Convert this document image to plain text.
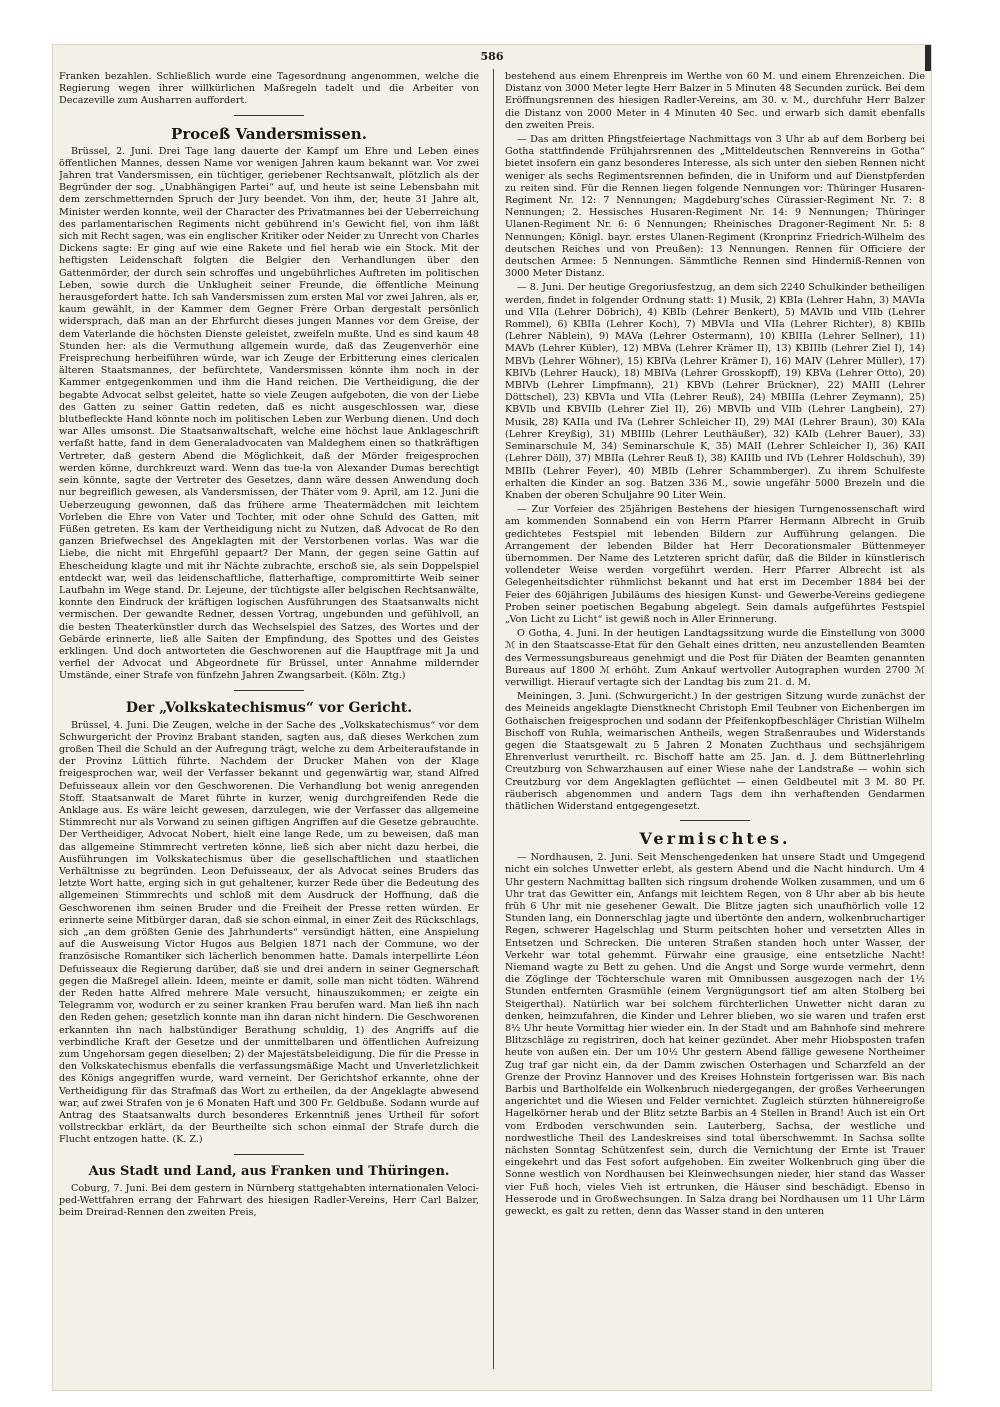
586

Franken bezahlen. Schließlich wurde eine Tagesordnung angenommen, welche die Regierung wegen ihrer willkürlichen Maßregeln tadelt und die Arbeiter von Decazeville zum Ausharren auffordert.

Proceß Vandersmissen.

Brüssel, 2. Juni. Drei Tage lang dauerte der Kampf um Ehre und Leben eines öffentlichen Mannes, dessen Name vor wenigen Jahren kaum bekannt war. Vor zwei Jahren trat Vandersmissen, ein tüchtiger, geriebener Rechtsanwalt, plötzlich als der Begründer der sog. „Unabhängigen Partei“ auf, und heute ist seine Lebensbahn mit dem zerschmetternden Spruch der Jury beendet. Von ihm, der, heute 31 Jahre alt, Minister werden konnte, weil der Character des Privatmannes bei der Ueberreichung des parlamentarischen Regiments nicht gebührend in's Gewicht fiel, von ihm läßt sich mit Recht sagen, was ein englischer Kritiker oder Neider zu Unrecht von Charles Dickens sagte: Er ging auf wie eine Rakete und fiel herab wie ein Stock. Mit der heftigsten Leidenschaft folgten die Belgier den Verhandlungen über den Gattenmörder, der durch sein schroffes und ungebührliches Auftreten im politischen Leben, sowie durch die Unklugheit seiner Freunde, die öffentliche Meinung herausgefordert hatte. Ich sah Vandersmissen zum ersten Mal vor zwei Jahren, als er, kaum gewählt, in der Kammer dem Gegner Frère Orban dergestalt persönlich widersprach, daß man an der Ehrfurcht dieses jungen Mannes vor dem Greise, der dem Vaterlande die höchsten Dienste geleistet, zweifeln mußte. Und es sind kaum 48 Stunden her: als die Vermuthung allgemein wurde, daß das Zeugenverhör eine Freisprechung herbeiführen würde, war ich Zeuge der Erbitterung eines clericalen älteren Staatsmannes, der befürchtete, Vandersmissen könnte ihm noch in der Kammer entgegenkommen und ihm die Hand reichen. Die Vertheidigung, die der begabte Advocat selbst geleitet, hatte so viele Zeugen aufgeboten, die von der Liebe des Gatten zu seiner Gattin redeten, daß es nicht ausgeschlossen war, diese blutbefleckte Hand könnte noch im politischen Leben zur Werbung dienen. Und doch war Alles umsonst. Die Staatsanwaltschaft, welche eine höchst laue Anklageschrift verfaßt hatte, fand in dem Generaladvocaten van Maldeghem einen so thatkräftigen Vertreter, daß gestern Abend die Möglichkeit, daß der Mörder freigesprochen werden könne, durchkreuzt ward. Wenn das tue-la von Alexander Dumas berechtigt sein könnte, sagte der Vertreter des Gesetzes, dann wäre dessen Anwendung doch nur begreiflich gewesen, als Vandersmissen, der Thäter vom 9. April, am 12. Juni die Ueberzeugung gewonnen, daß das frühere arme Theatermädchen mit leichtem Vorleben die Ehre von Vater und Tochter, mit oder ohne Schuld des Gatten, mit Füßen getreten. Es kam der Vertheidigung nicht zu Nutzen, daß Advocat de Ro den ganzen Briefwechsel des Angeklagten mit der Verstorbenen vorlas. Was war die Liebe, die nicht mit Ehrgefühl gepaart? Der Mann, der gegen seine Gattin auf Ehescheidung klagte und mit ihr Nächte zubrachte, erschoß sie, als sein Doppelspiel entdeckt war, weil das leidenschaftliche, flatterhaftige, compromittirte Weib seiner Laufbahn im Wege stand. Dr. Lejeune, der tüchtigste aller belgischen Rechtsanwälte, konnte den Eindruck der kräftigen logischen Ausführungen des Staatsanwalts nicht vermischen. Der gewandte Redner, dessen Vortrag, ungebunden und gefühlvoll, an die besten Theaterkünstler durch das Wechselspiel des Satzes, des Wortes und der Gebärde erinnerte, ließ alle Saiten der Empfindung, des Spottes und des Geistes erklingen. Und doch antworteten die Geschworenen auf die Hauptfrage mit Ja und verfiel der Advocat und Abgeordnete für Brüssel, unter Annahme mildernder Umstände, einer Strafe von fünfzehn Jahren Zwangsarbeit. (Köln. Ztg.)

Der „Volkskatechismus“ vor Gericht.

Brüssel, 4. Juni. Die Zeugen, welche in der Sache des „Volkskatechismus“ vor dem Schwurgericht der Provinz Brabant standen, sagten aus, daß dieses Werkchen zum großen Theil die Schuld an der Aufregung trägt, welche zu dem Arbeiteraufstande in der Provinz Lüttich führte. Nachdem der Drucker Mahen von der Klage freigesprochen war, weil der Verfasser bekannt und gegenwärtig war, stand Alfred Defuisseaux allein vor den Geschworenen. Die Verhandlung bot wenig anregenden Stoff. Staatsanwalt de Maret führte in kurzer, wenig durchgreifenden Rede die Anklage aus. Es wäre leicht gewesen, darzulegen, wie der Verfasser das allgemeine Stimmrecht nur als Vorwand zu seinen giftigen Angriffen auf die Gesetze gebrauchte. Der Vertheidiger, Advocat Nobert, hielt eine lange Rede, um zu beweisen, daß man das allgemeine Stimmrecht vertreten könne, ließ sich aber nicht dazu herbei, die Ausführungen im Volkskatechismus über die gesellschaftlichen und staatlichen Verhältnisse zu begründen. Leon Defuisseaux, der als Advocat seines Bruders das letzte Wort hatte, erging sich in gut gehaltener, kurzer Rede über die Bedeutung des allgemeinen Stimmrechts und schloß mit dem Ausdruck der Hoffnung, daß die Geschworenen ihm seinen Bruder und die Freiheit der Presse retten würden. Er erinnerte seine Mitbürger daran, daß sie schon einmal, in einer Zeit des Rückschlags, sich „an dem größten Genie des Jahrhunderts“ versündigt hätten, eine Anspielung auf die Ausweisung Victor Hugos aus Belgien 1871 nach der Commune, wo der französische Romantiker sich lächerlich benommen hatte. Damals interpellirte Léon Defuisseaux die Regierung darüber, daß sie und drei andern in seiner Gegnerschaft gegen die Maßregel allein. Ideen, meinte er damit, solle man nicht tödten. Während der Reden hatte Alfred mehrere Male versucht, hinauszukommen; er zeigte ein Telegramm vor, wodurch er zu seiner kranken Frau berufen ward. Man ließ ihn nach den Reden gehen; gesetzlich konnte man ihn daran nicht hindern. Die Geschworenen erkannten ihn nach halbstündiger Berathung schuldig, 1) des Angriffs auf die verbindliche Kraft der Gesetze und der unmittelbaren und öffentlichen Aufreizung zum Ungehorsam gegen dieselben; 2) der Majestätsbeleidigung. Die für die Presse in den Volkskatechismus ebenfalls die verfassungsmäßige Macht und Unverletzlichkeit des Königs angegriffen wurde, ward verneint. Der Gerichtshof erkannte, ohne der Vertheidigung für das Strafmaß das Wort zu ertheilen, da der Angeklagte abwesend war, auf zwei Strafen von je 6 Monaten Haft und 300 Fr. Geldbuße. Sodann wurde auf Antrag des Staatsanwalts durch besonderes Erkenntniß jenes Urtheil für sofort vollstreckbar erklärt, da der Beurtheilte sich schon einmal der Strafe durch die Flucht entzogen hatte. (K. Z.)

Aus Stadt und Land, aus Franken und Thüringen.

Coburg, 7. Juni. Bei dem gestern in Nürnberg stattgehabten internationalen Velociped-Wettfahren errang der Fahrwart des hiesigen Radler-Vereins, Herr Carl Balzer, beim Dreirad-Rennen den zweiten Preis,

bestehend aus einem Ehrenpreis im Werthe von 60 M. und einem Ehrenzeichen. Die Distanz von 3000 Meter legte Herr Balzer in 5 Minuten 48 Secunden zurück. Bei dem Eröffnungsrennen des hiesigen Radler-Vereins, am 30. v. M., durchfuhr Herr Balzer die Distanz von 2000 Meter in 4 Minuten 40 Sec. und erwarb sich damit ebenfalls den zweiten Preis.

— Das am dritten Pfingstfeiertage Nachmittags von 3 Uhr ab auf dem Borberg bei Gotha stattfindende Frühjahrsrennen des „Mitteldeutschen Rennvereins in Gotha“ bietet insofern ein ganz besonderes Interesse, als sich unter den sieben Rennen nicht weniger als sechs Regimentsrennen befinden, die in Uniform und auf Dienstpferden zu reiten sind. Für die Rennen liegen folgende Nennungen vor: Thüringer Husaren-Regiment Nr. 12: 7 Nennungen; Magdeburg'sches Cürassier-Regiment Nr. 7: 8 Nennungen; 2. Hessisches Husaren-Regiment Nr. 14: 9 Nennungen; Thüringer Ulanen-Regiment Nr. 6: 6 Nennungen; Rheinisches Dragoner-Regiment Nr. 5: 8 Nennungen; Königl. bayr. erstes Ulanen-Regiment (Kronprinz Friedrich-Wilhelm des deutschen Reiches und von Preußen): 13 Nennungen. Rennen für Officiere der deutschen Armee: 5 Nennungen. Sämmtliche Rennen sind Hinderniß-Rennen von 3000 Meter Distanz.

— 8. Juni. Der heutige Gregoriusfestzug, an dem sich 2240 Schulkinder betheiligen werden, findet in folgender Ordnung statt: 1) Musik, 2) KBIa (Lehrer Hahn, 3) MAVIa und VIIa (Lehrer Döbrich), 4) KBIb (Lehrer Benkert), 5) MAVIb und VIIb (Lehrer Rommel), 6) KBIIa (Lehrer Koch), 7) MBVIa und VIIa (Lehrer Richter), 8) KBIIb (Lehrer Näblein), 9) MAVa (Lehrer Ostermann), 10) KBIIIa (Lehrer Sellner), 11) MAVb (Lehrer Kübler), 12) MBVa (Lehrer Krämer II), 13) KBIIIb (Lehrer Ziel I), 14) MBVb (Lehrer Wöhner), 15) KBIVa (Lehrer Krämer I), 16) MAIV (Lehrer Müller), 17) KBIVb (Lehrer Hauck), 18) MBIVa (Lehrer Grosskopff), 19) KBVa (Lehrer Otto), 20) MBIVb (Lehrer Limpfmann), 21) KBVb (Lehrer Brückner), 22) MAIII (Lehrer Döttschel), 23) KBVIa und VIIa (Lehrer Reuß), 24) MBIIIa (Lehrer Zeymann), 25) KBVIb und KBVIIb (Lehrer Ziel II), 26) MBVIb und VIIb (Lehrer Langbein), 27) Musik, 28) KAIIa und IVa (Lehrer Schleicher II), 29) MAI (Lehrer Braun), 30) KAIa (Lehrer Kreyßig), 31) MBIIIb (Lehrer Leuthäußer), 32) KAIb (Lehrer Bauer), 33) Seminarschule M, 34) Seminarschule K, 35) MAII (Lehrer Schleicher I), 36) KAII (Lehrer Döll), 37) MBIIa (Lehrer Reuß I), 38) KAIIIb und IVb (Lehrer Holdschuh), 39) MBIIb (Lehrer Feyer), 40) MBIb (Lehrer Schammberger). Zu ihrem Schulfeste erhalten die Kinder an sog. Batzen 336 M., sowie ungefähr 5000 Brezeln und die Knaben der oberen Schuljahre 90 Liter Wein.

— Zur Vorfeier des 25jährigen Bestehens der hiesigen Turngenossenschaft wird am kommenden Sonnabend ein von Herrn Pfarrer Hermann Albrecht in Gruib gedichtetes Festspiel mit lebenden Bildern zur Aufführung gelangen. Die Arrangement der lebenden Bilder hat Herr Decorationsmaler Büttenmeyer übernommen. Der Name des Letzteren spricht dafür, daß die Bilder in künstlerisch vollendeter Weise werden vorgeführt werden. Herr Pfarrer Albrecht ist als Gelegenheitsdichter rühmlichst bekannt und hat erst im December 1884 bei der Feier des 60jährigen Jubiläums des hiesigen Kunst- und Gewerbe-Vereins gediegene Proben seiner poetischen Begabung abgelegt. Sein damals aufgeführtes Festspiel „Von Licht zu Licht“ ist gewiß noch in Aller Erinnerung.

O Gotha, 4. Juni. In der heutigen Landtagssitzung wurde die Einstellung von 3000 ℳ in den Staatscasse-Etat für den Gehalt eines dritten, neu anzustellenden Beamten des Vermessungsbureaus genehmigt und die Post für Diäten der Beamten genannten Bureaus auf 1800 ℳ erhöht. Zum Ankauf wertvoller Autographen wurden 2700 ℳ verwilligt. Hierauf vertagte sich der Landtag bis zum 21. d. M.

Meiningen, 3. Juni. (Schwurgericht.) In der gestrigen Sitzung wurde zunächst der des Meineids angeklagte Dienstknecht Christoph Emil Teubner von Eichenbergen im Gothaischen freigesprochen und sodann der Pfeifenkopfbeschläger Christian Wilhelm Bischoff von Ruhla, weimarischen Antheils, wegen Straßenraubes und Widerstands gegen die Staatsgewalt zu 5 Jahren 2 Monaten Zuchthaus und sechsjährigem Ehrenverlust verurtheilt. rc. Bischoff hatte am 25. Jan. d. J. dem Büttnerlehrling Creutzburg von Schwarzhausen auf einer Wiese nahe der Landstraße — wohin sich Creutzburg vor dem Angeklagten geflüchtet — einen Geldbeutel mit 3 M. 80 Pf. räuberisch abgenommen und andern Tags dem ihn verhaftenden Gendarmen thätlichen Widerstand entgegengesetzt.

Vermischtes.

— Nordhausen, 2. Juni. Seit Menschengedenken hat unsere Stadt und Umgegend nicht ein solches Unwetter erlebt, als gestern Abend und die Nacht hindurch. Um 4 Uhr gestern Nachmittag ballten sich ringsum drohende Wolken zusammen, und um 6 Uhr trat das Gewitter ein, Anfangs mit leichtem Regen, von 8 Uhr aber ab bis heute früh 6 Uhr mit nie gesehener Gewalt. Die Blitze jagten sich unaufhörlich volle 12 Stunden lang, ein Donnerschlag jagte und übertönte den andern, wolkenbruchartiger Regen, schwerer Hagelschlag und Sturm peitschten hoher und versetzten Alles in Entsetzen und Schrecken. Die unteren Straßen standen hoch unter Wasser, der Verkehr war total gehemmt. Fürwahr eine grausige, eine entsetzliche Nacht! Niemand wagte zu Bett zu gehen. Und die Angst und Sorge wurde vermehrt, denn die Zöglinge der Töchterschule waren mit Omnibussen ausgezogen nach der 1½ Stunden entfernten Grasmühle (einem Vergnügungsort tief am alten Stolberg bei Steigerthal). Natürlich war bei solchem fürchterlichen Unwetter nicht daran zu denken, heimzufahren, die Kinder und Lehrer blieben, wo sie waren und trafen erst 8½ Uhr heute Vormittag hier wieder ein. In der Stadt und am Bahnhofe sind mehrere Blitzschläge zu registriren, doch hat keiner gezündet. Aber mehr Hiobsposten trafen heute von außen ein. Der um 10½ Uhr gestern Abend fällige gewesene Northeimer Zug traf gar nicht ein, da der Damm zwischen Osterhagen und Scharzfeld an der Grenze der Provinz Hannover und des Kreises Hohnstein fortgerissen war. Bis nach Barbis und Bartholfelde ein Wolkenbruch niedergegangen, der großes Verheerungen angerichtet und die Wiesen und Felder vernichtet. Zugleich stürzten hühnereigroße Hagelkörner herab und der Blitz setzte Barbis an 4 Stellen in Brand! Auch ist ein Ort vom Erdboden verschwunden sein. Lauterberg, Sachsa, der westliche und nordwestliche Theil des Landeskreises sind total überschwemmt. In Sachsa sollte nächsten Sonntag Schützenfest sein, durch die Vernichtung der Ernte ist Trauer eingekehrt und das Fest sofort aufgehoben. Ein zweiter Wolkenbruch ging über die Sonne westlich von Nordhausen bei Kleinwechsungen nieder, hier stand das Wasser vier Fuß hoch, vieles Vieh ist ertrunken, die Häuser sind beschädigt. Ebenso in Hesserode und in Großwechsungen. In Salza drang bei Nordhausen um 11 Uhr Lärm geweckt, es galt zu retten, denn das Wasser stand in den unteren
